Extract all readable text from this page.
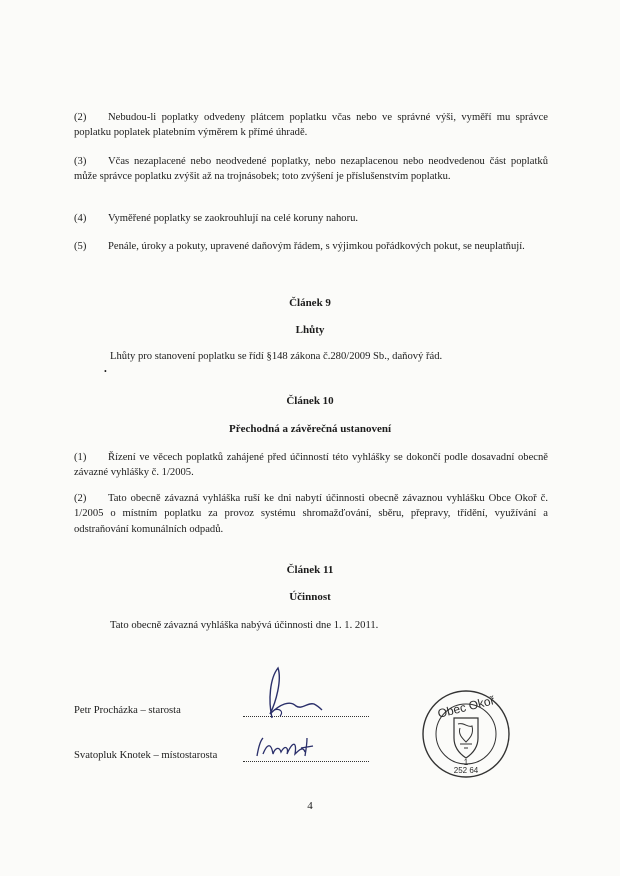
(2) Nebudou-li poplatky odvedeny plátcem poplatku včas nebo ve správné výši, vyměří mu správce poplatku poplatek platebním výměrem k přímé úhradě.
(3) Včas nezaplacené nebo neodvedené poplatky, nebo nezaplacenou nebo neodvedenou část poplatků může správce poplatku zvýšit až na trojnásobek; toto zvýšení je příslušenstvím poplatku.
(4) Vyměřené poplatky se zaokrouhlují na celé koruny nahoru.
(5) Penále, úroky a pokuty, upravené daňovým řádem, s výjimkou pořádkových pokut, se neuplatňují.
Článek 9
Lhůty
Lhůty pro stanovení poplatku se řídí §148 zákona č.280/2009 Sb., daňový řád.
•
Článek 10
Přechodná a závěrečná ustanovení
(1) Řízení ve věcech poplatků zahájené před účinností této vyhlášky se dokončí podle dosavadní obecně závazné vyhlášky č. 1/2005.
(2) Tato obecně závazná vyhláška ruší ke dni nabytí účinnosti obecně závaznou vyhlášku Obce Okoř č. 1/2005 o místním poplatku za provoz systému shromažďování, sběru, přepravy, třídění, využívání a odstraňování komunálních odpadů.
Článek 11
Účinnost
Tato obecně závazná vyhláška nabývá účinnosti dne 1. 1. 2011.
Petr Procházka – starosta
Svatopluk Knotek – místostarosta
Obec Okoř
1
252 64
4
